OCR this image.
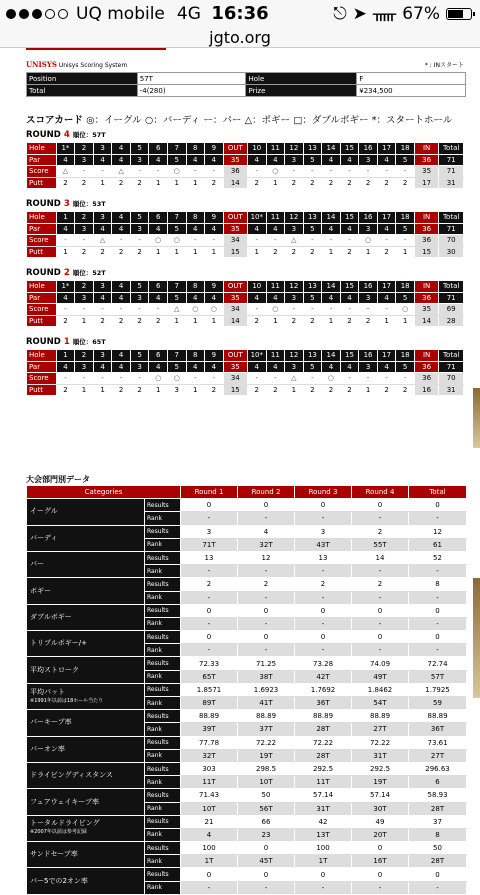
UQ mobile 4G 16:36	⎋ ➤ ᚅ 67%
jgto.org
UNISYS Unisys Scoring System	* : INスタート
Position	57T	Hole	F
Total	-4(280)	Prize	¥234,500
スコアカード ◎：イーグル ○：バーディ ー：パー △：ボギー □：ダブルボギー *：スタートホール
ROUND 4 順位：57T
Hole	1*	2	3	4	5	6	7	8	9	OUT	10	11	12	13	14	15	16	17	18	IN	Total
Par	4	3	4	4	3	4	5	4	4	35	4	4	3	5	4	4	3	4	5	36	71
Score	△	-	-	△	-	-	○	-	-	36	-	○	-	-	-	-	-	-	-	35	71
Putt	2	2	1	2	2	1	1	1	2	14	2	1	2	2	2	2	2	2	2	17	31
ROUND 3 順位：53T
Hole	1	2	3	4	5	6	7	8	9	OUT	10*	11	12	13	14	15	16	17	18	IN	Total
Par	4	3	4	4	3	4	5	4	4	35	4	4	3	5	4	4	3	4	5	36	71
Score	-	-	△	-	-	○	○	-	-	34	-	-	△	-	-	-	○	-	-	36	70
Putt	1	2	2	2	2	1	1	1	1	15	1	2	2	2	1	2	1	2	1	15	30
ROUND 2 順位：52T
Hole	1*	2	3	4	5	6	7	8	9	OUT	10	11	12	13	14	15	16	17	18	IN	Total
Par	4	3	4	4	3	4	5	4	4	35	4	4	3	5	4	4	3	4	5	36	71
Score	-	-	-	-	-	-	△	○	○	34	-	○	-	-	-	-	-	-	○	35	69
Putt	2	1	2	2	2	2	1	1	1	14	2	1	2	2	1	2	2	1	1	14	28
ROUND 1 順位：65T
Hole	1	2	3	4	5	6	7	8	9	OUT	10*	11	12	13	14	15	16	17	18	IN	Total
Par	4	3	4	4	3	4	5	4	4	35	4	4	3	5	4	4	3	4	5	36	71
Score	-	-	-	-	-	○	○	-	-	34	-	-	△	-	○	-	-	-	-	36	70
Putt	2	1	1	2	2	1	3	1	2	15	2	2	1	2	2	2	1	2	2	16	31
大会部門別データ
Categories		Round 1	Round 2	Round 3	Round 4	Total
イーグル	Results	0	0	0	0	0
	Rank	-	-	-	-	-
バーディ	Results	3	4	3	2	12
	Rank	71T	32T	43T	55T	61
パー	Results	13	12	13	14	52
	Rank	-	-	-	-	-
ボギー	Results	2	2	2	2	8
	Rank	-	-	-	-	-
ダブルボギー	Results	0	0	0	0	0
	Rank	-	-	-	-	-
トリプルボギー/+	Results	0	0	0	0	0
	Rank	-	-	-	-	-
平均ストローク	Results	72.33	71.25	73.28	74.09	72.74
	Rank	65T	38T	42T	49T	57T
平均パット
※1991年以前は18ホール当たり	Results	1.8571	1.6923	1.7692	1.8462	1.7925
	Rank	89T	41T	36T	54T	59
パーキープ率	Results	88.89	88.89	88.89	88.89	88.89
	Rank	39T	37T	28T	27T	36T
パーオン率	Results	77.78	72.22	72.22	72.22	73.61
	Rank	32T	19T	28T	31T	27T
ドライビングディスタンス	Results	303	298.5	292.5	292.5	296.63
	Rank	11T	10T	11T	19T	6
フェアウェイキープ率	Results	71.43	50	57.14	57.14	58.93
	Rank	10T	56T	31T	30T	28T
トータルドライビング
※2007年以前は参考記録	Results	21	66	42	49	37
	Rank	4	23	13T	20T	8
サンドセーブ率	Results	100	0	100	0	50
	Rank	1T	45T	1T	16T	28T
パー5での2オン率	Results	0	0	0	0	0
	Rank	-	-	-	-	-
